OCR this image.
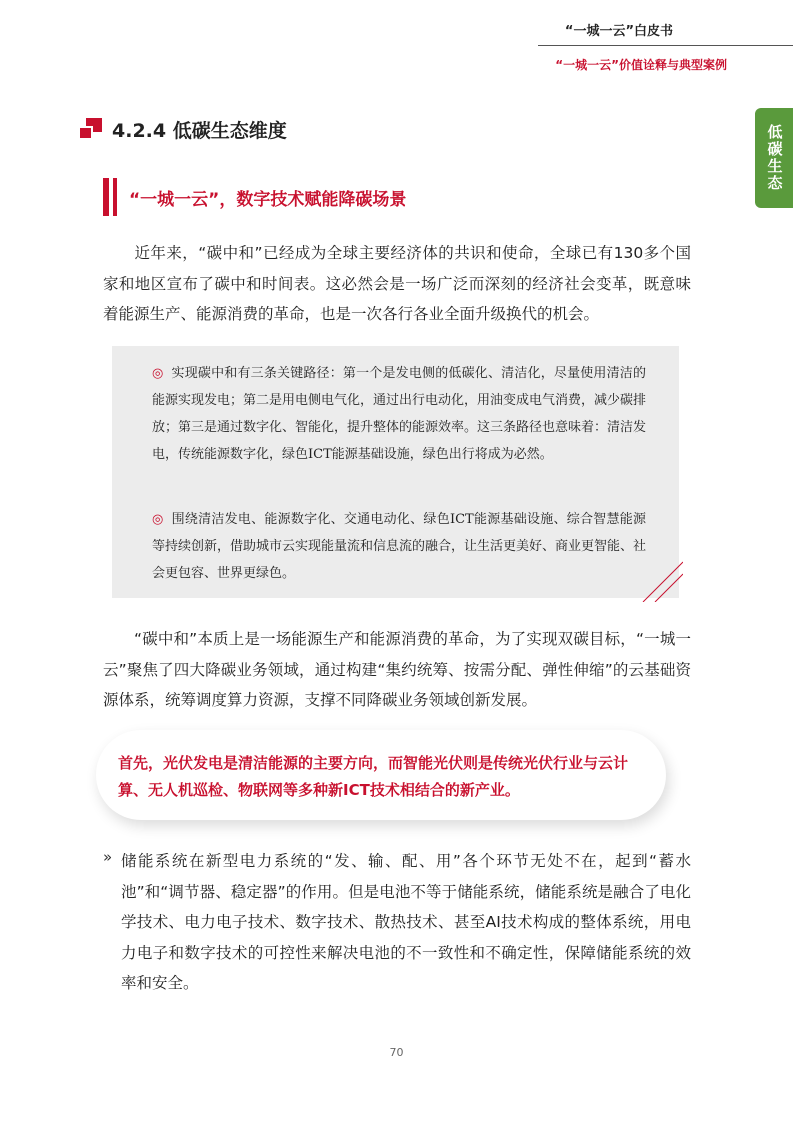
“一城一云”白皮书
“一城一云”价值诠释与典型案例
低碳生态
4.2.4 低碳生态维度
“一城一云”，数字技术赋能降碳场景
近年来，“碳中和”已经成为全球主要经济体的共识和使命，全球已有130多个国家和地区宣布了碳中和时间表。这必然会是一场广泛而深刻的经济社会变革，既意味着能源生产、能源消费的革命，也是一次各行各业全面升级换代的机会。
◎ 实现碳中和有三条关键路径：第一个是发电侧的低碳化、清洁化，尽量使用清洁的能源实现发电；第二是用电侧电气化，通过出行电动化，用油变成电气消费，减少碳排放；第三是通过数字化、智能化，提升整体的能源效率。这三条路径也意味着：清洁发电，传统能源数字化，绿色ICT能源基础设施，绿色出行将成为必然。
◎ 围绕清洁发电、能源数字化、交通电动化、绿色ICT能源基础设施、综合智慧能源等持续创新，借助城市云实现能量流和信息流的融合，让生活更美好、商业更智能、社会更包容、世界更绿色。
“碳中和”本质上是一场能源生产和能源消费的革命，为了实现双碳目标，“一城一云”聚焦了四大降碳业务领域，通过构建“集约统筹、按需分配、弹性伸缩”的云基础资源体系，统筹调度算力资源，支撑不同降碳业务领域创新发展。
首先，光伏发电是清洁能源的主要方向，而智能光伏则是传统光伏行业与云计算、无人机巡检、物联网等多种新ICT技术相结合的新产业。
» 储能系统在新型电力系统的“发、输、配、用”各个环节无处不在，起到“蓄水池”和“调节器、稳定器”的作用。但是电池不等于储能系统，储能系统是融合了电化学技术、电力电子技术、数字技术、散热技术、甚至AI技术构成的整体系统，用电力电子和数字技术的可控性来解决电池的不一致性和不确定性，保障储能系统的效率和安全。
70
